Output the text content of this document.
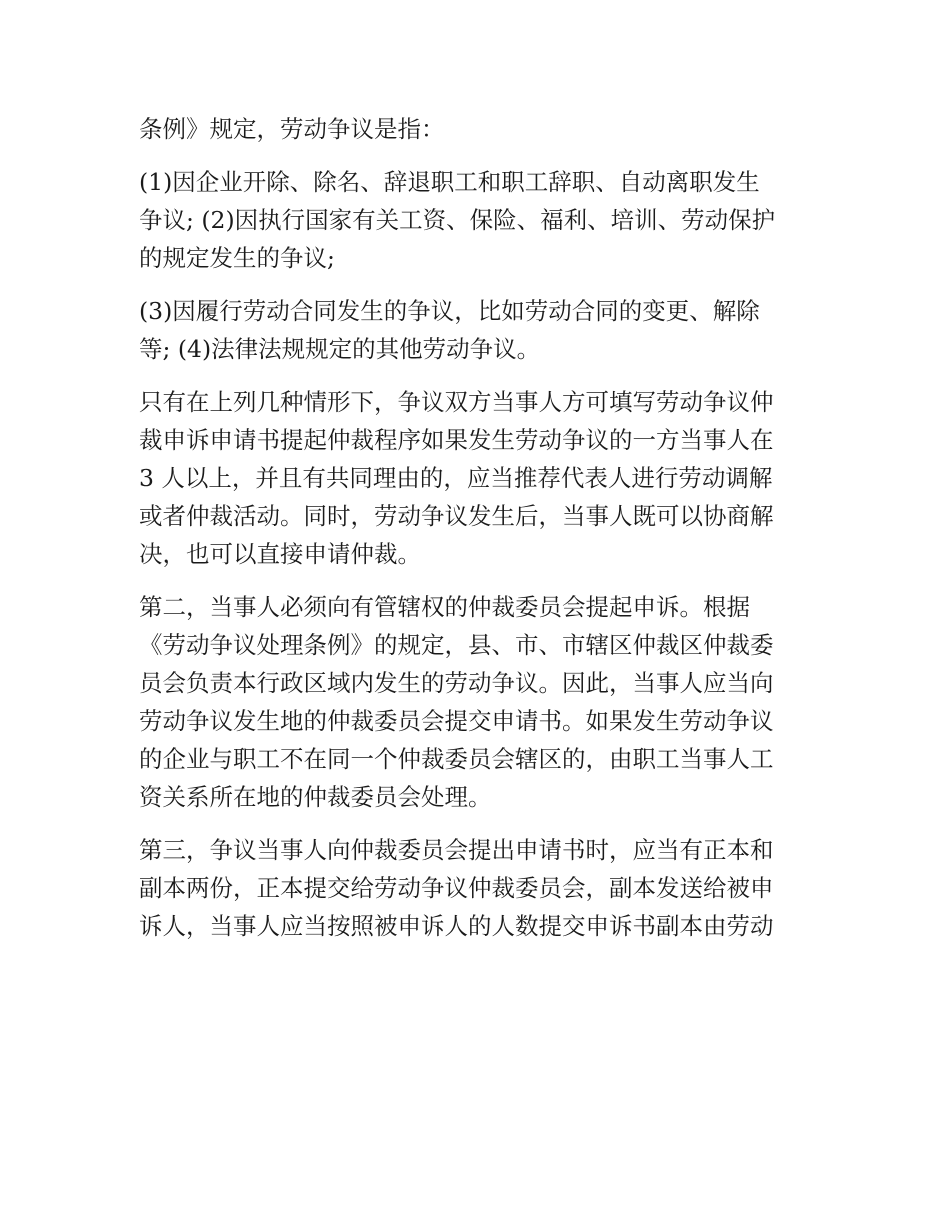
条例》规定，劳动争议是指：
(1)因企业开除、除名、辞退职工和职工辞职、自动离职发生
争议; (2)因执行国家有关工资、保险、福利、培训、劳动保护
的规定发生的争议;
(3)因履行劳动合同发生的争议，比如劳动合同的变更、解除
等; (4)法律法规规定的其他劳动争议。
只有在上列几种情形下，争议双方当事人方可填写劳动争议仲
裁申诉申请书提起仲裁程序如果发生劳动争议的一方当事人在
3 人以上，并且有共同理由的，应当推荐代表人进行劳动调解
或者仲裁活动。同时，劳动争议发生后，当事人既可以协商解
决，也可以直接申请仲裁。
第二，当事人必须向有管辖权的仲裁委员会提起申诉。根据
《劳动争议处理条例》的规定，县、市、市辖区仲裁区仲裁委
员会负责本行政区域内发生的劳动争议。因此，当事人应当向
劳动争议发生地的仲裁委员会提交申请书。如果发生劳动争议
的企业与职工不在同一个仲裁委员会辖区的，由职工当事人工
资关系所在地的仲裁委员会处理。
第三，争议当事人向仲裁委员会提出申请书时，应当有正本和
副本两份，正本提交给劳动争议仲裁委员会，副本发送给被申
诉人，当事人应当按照被申诉人的人数提交申诉书副本由劳动
